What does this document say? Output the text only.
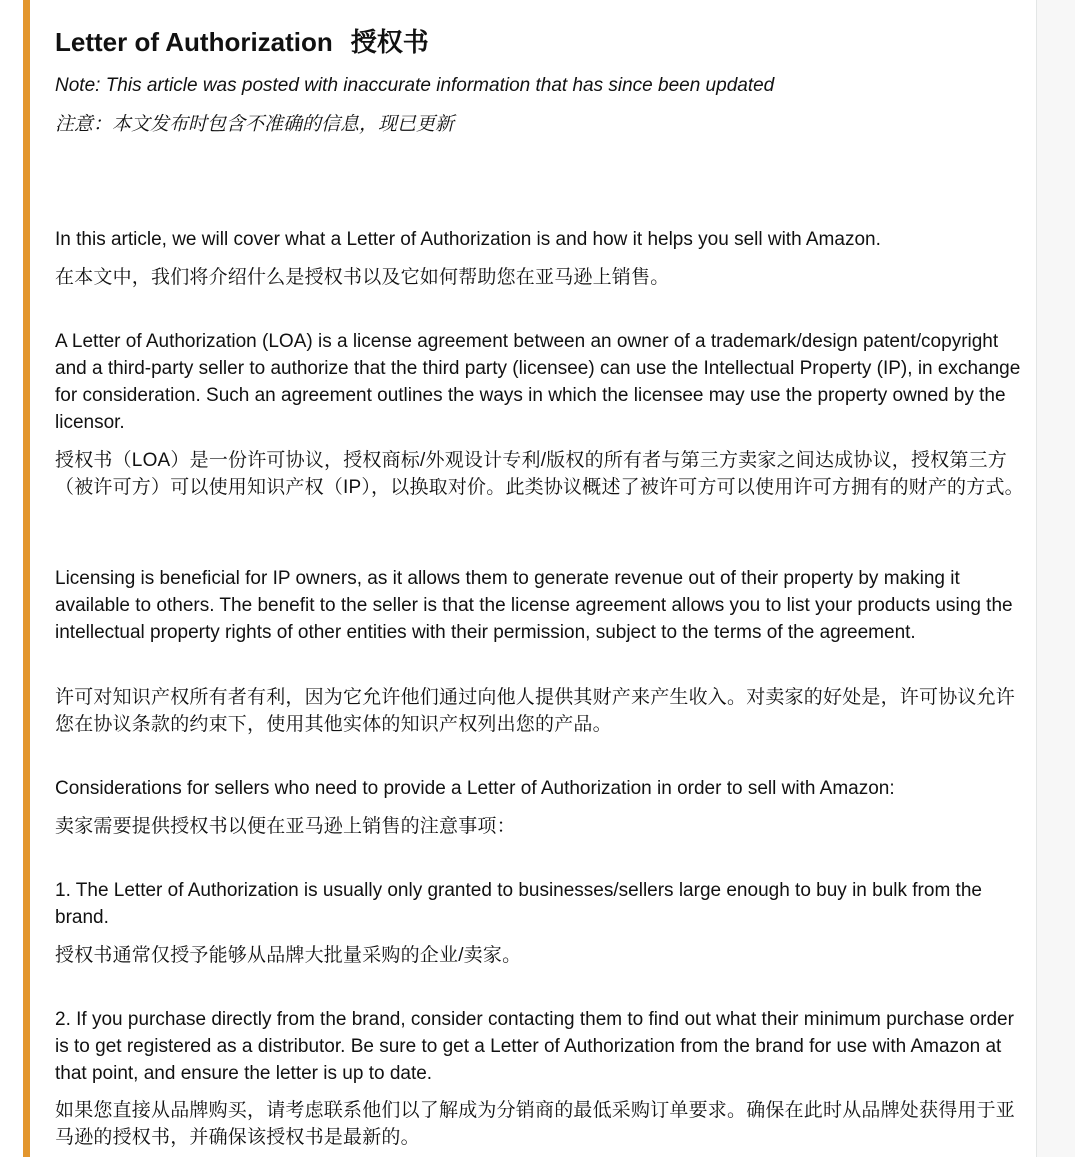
Letter of Authorization 授权书

Note: This article was posted with inaccurate information that has since been updated

注意：本文发布时包含不准确的信息，现已更新

In this article, we will cover what a Letter of Authorization is and how it helps you sell with Amazon.

在本文中，我们将介绍什么是授权书以及它如何帮助您在亚马逊上销售。

A Letter of Authorization (LOA) is a license agreement between an owner of a trademark/design patent/copyright and a third-party seller to authorize that the third party (licensee) can use the Intellectual Property (IP), in exchange for consideration. Such an agreement outlines the ways in which the licensee may use the property owned by the licensor.

授权书（LOA）是一份许可协议，授权商标/外观设计专利/版权的所有者与第三方卖家之间达成协议，授权第三方（被许可方）可以使用知识产权（IP），以换取对价。此类协议概述了被许可方可以使用许可方拥有的财产的方式。

Licensing is beneficial for IP owners, as it allows them to generate revenue out of their property by making it available to others. The benefit to the seller is that the license agreement allows you to list your products using the intellectual property rights of other entities with their permission, subject to the terms of the agreement.

许可对知识产权所有者有利，因为它允许他们通过向他人提供其财产来产生收入。对卖家的好处是，许可协议允许您在协议条款的约束下，使用其他实体的知识产权列出您的产品。

Considerations for sellers who need to provide a Letter of Authorization in order to sell with Amazon:

卖家需要提供授权书以便在亚马逊上销售的注意事项：

1. The Letter of Authorization is usually only granted to businesses/sellers large enough to buy in bulk from the brand.

授权书通常仅授予能够从品牌大批量采购的企业/卖家。

2. If you purchase directly from the brand, consider contacting them to find out what their minimum purchase order is to get registered as a distributor. Be sure to get a Letter of Authorization from the brand for use with Amazon at that point, and ensure the letter is up to date.

如果您直接从品牌购买，请考虑联系他们以了解成为分销商的最低采购订单要求。确保在此时从品牌处获得用于亚马逊的授权书，并确保该授权书是最新的。
